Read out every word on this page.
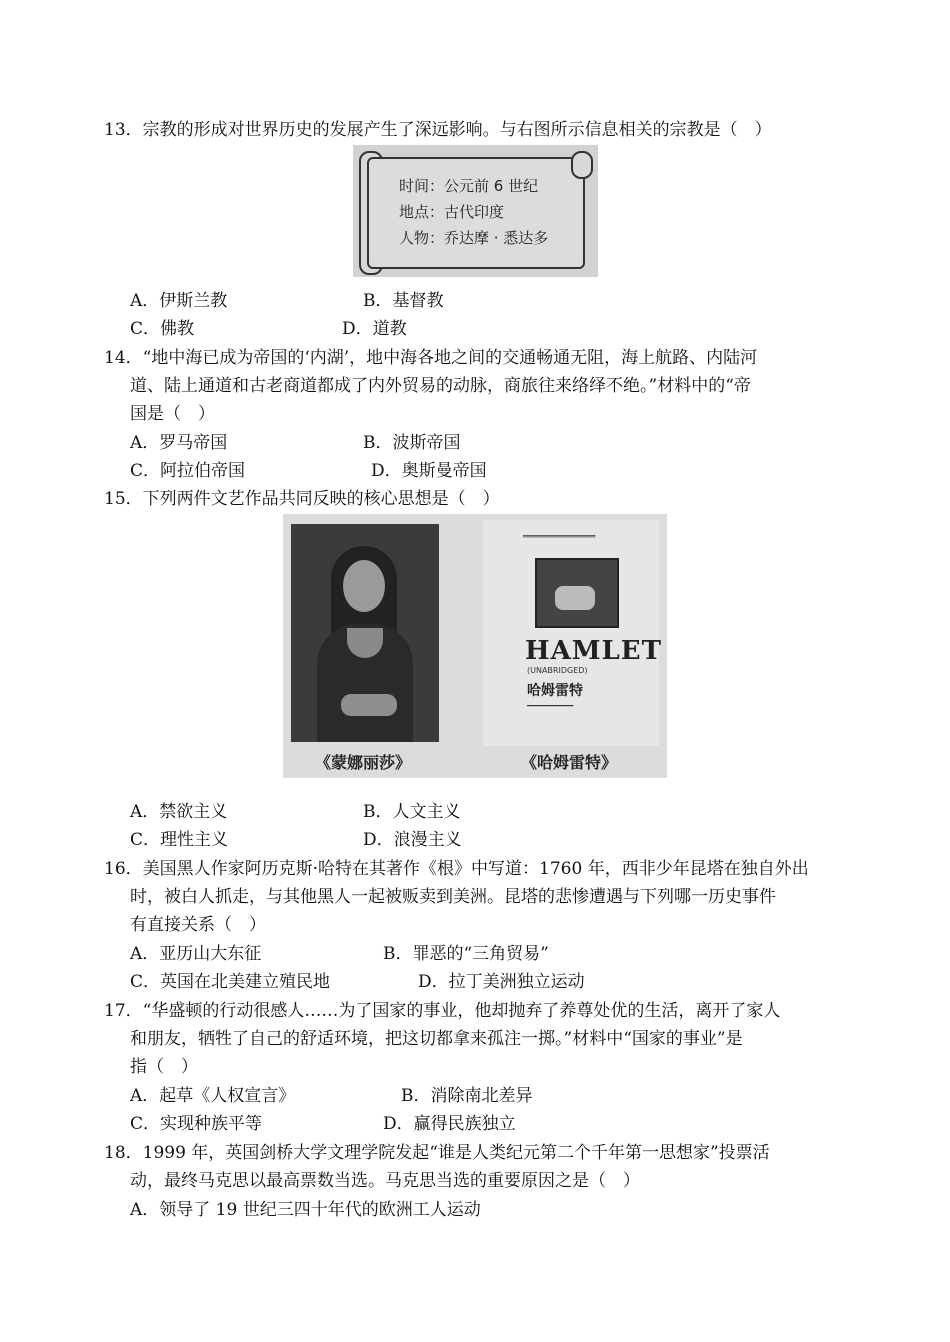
13．宗教的形成对世界历史的发展产生了深远影响。与右图所示信息相关的宗教是（　）
时间：公元前 6 世纪
地点：古代印度
人物：乔达摩 · 悉达多
A．伊斯兰教	B．基督教
C．佛教	D．道教
14．“地中海已成为帝国的‘内湖’，地中海各地之间的交通畅通无阻，海上航路、内陆河
道、陆上通道和古老商道都成了内外贸易的动脉，商旅往来络绎不绝。”材料中的“帝
国是（　）
A．罗马帝国	B．波斯帝国
C．阿拉伯帝国	D．奥斯曼帝国
15．下列两件文艺作品共同反映的核心思想是（　）
═══════════════
HAMLET
(UNABRIDGED)
哈姆雷特
━━━━━━━━━━━
《蒙娜丽莎》	《哈姆雷特》
A．禁欲主义	B．人文主义
C．理性主义	D．浪漫主义
16．美国黑人作家阿历克斯·哈特在其著作《根》中写道：1760 年，西非少年昆塔在独自外出
时，被白人抓走，与其他黑人一起被贩卖到美洲。昆塔的悲惨遭遇与下列哪一历史事件
有直接关系（　）
A．亚历山大东征	B．罪恶的“三角贸易”
C．英国在北美建立殖民地	D．拉丁美洲独立运动
17．“华盛顿的行动很感人……为了国家的事业，他却抛弃了养尊处优的生活，离开了家人
和朋友，牺牲了自己的舒适环境，把这切都拿来孤注一掷。”材料中“国家的事业”是
指（　）
A．起草《人权宣言》	B．消除南北差异
C．实现种族平等	D．赢得民族独立
18．1999 年，英国剑桥大学文理学院发起“谁是人类纪元第二个千年第一思想家”投票活
动，最终马克思以最高票数当选。马克思当选的重要原因之是（　）
A．领导了 19 世纪三四十年代的欧洲工人运动
